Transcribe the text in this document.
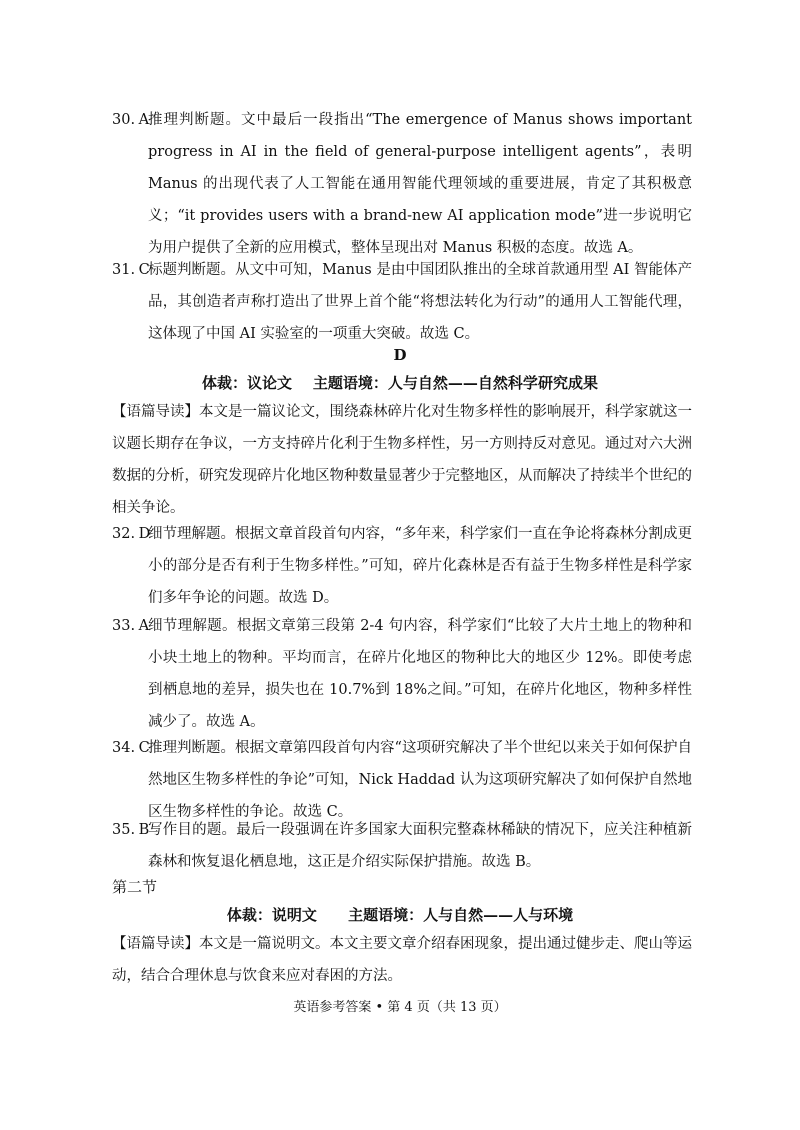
30. A
推理判断题。文中最后一段指出“The emergence of Manus shows important progress in AI in the field of general-purpose intelligent agents”，表明 Manus 的出现代表了人工智能在通用智能代理领域的重要进展，肯定了其积极意义；“it provides users with a brand-new AI application mode”进一步说明它为用户提供了全新的应用模式，整体呈现出对 Manus 积极的态度。故选 A。
31. C
标题判断题。从文中可知，Manus 是由中国团队推出的全球首款通用型 AI 智能体产品，其创造者声称打造出了世界上首个能“将想法转化为行动”的通用人工智能代理，这体现了中国 AI 实验室的一项重大突破。故选 C。
D
体裁：议论文    主题语境：人与自然——自然科学研究成果
【语篇导读】本文是一篇议论文，围绕森林碎片化对生物多样性的影响展开，科学家就这一议题长期存在争议，一方支持碎片化利于生物多样性，另一方则持反对意见。通过对六大洲数据的分析，研究发现碎片化地区物种数量显著少于完整地区，从而解决了持续半个世纪的相关争论。
32. D
细节理解题。根据文章首段首句内容，“多年来，科学家们一直在争论将森林分割成更小的部分是否有利于生物多样性。”可知，碎片化森林是否有益于生物多样性是科学家们多年争论的问题。故选 D。
33. A
细节理解题。根据文章第三段第 2-4 句内容，科学家们“比较了大片土地上的物种和小块土地上的物种。平均而言，在碎片化地区的物种比大的地区少 12%。即使考虑到栖息地的差异，损失也在 10.7%到 18%之间。”可知，在碎片化地区，物种多样性减少了。故选 A。
34. C
推理判断题。根据文章第四段首句内容“这项研究解决了半个世纪以来关于如何保护自然地区生物多样性的争论”可知，Nick Haddad 认为这项研究解决了如何保护自然地区生物多样性的争论。故选 C。
35. B
写作目的题。最后一段强调在许多国家大面积完整森林稀缺的情况下，应关注种植新森林和恢复退化栖息地，这正是介绍实际保护措施。故选 B。
第二节
体裁：说明文      主题语境：人与自然——人与环境
【语篇导读】本文是一篇说明文。本文主要文章介绍春困现象，提出通过健步走、爬山等运动，结合合理休息与饮食来应对春困的方法。
英语参考答案 • 第 4 页（共 13 页）
